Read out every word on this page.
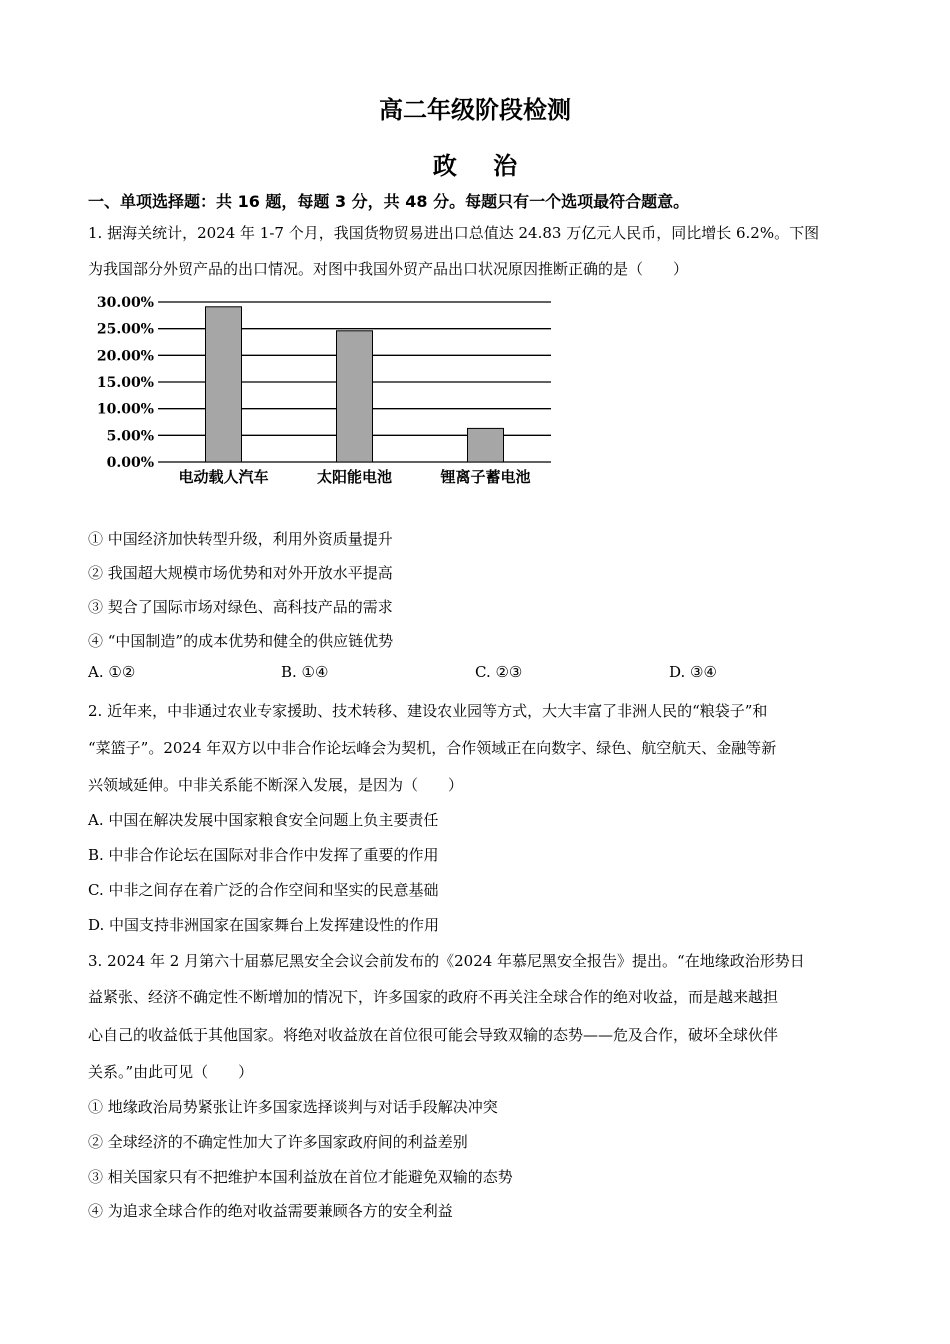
高二年级阶段检测
政 治
一、单项选择题：共 16 题，每题 3 分，共 48 分。每题只有一个选项最符合题意。
1. 据海关统计，2024 年 1-7 个月，我国货物贸易进出口总值达 24.83 万亿元人民币，同比增长 6.2%。下图
为我国部分外贸产品的出口情况。对图中我国外贸产品出口状况原因推断正确的是（　　）
0.00%
5.00%
10.00%
15.00%
20.00%
25.00%
30.00%
电动载人汽车	太阳能电池	锂离子蓄电池
① 中国经济加快转型升级，利用外资质量提升
② 我国超大规模市场优势和对外开放水平提高
③ 契合了国际市场对绿色、高科技产品的需求
④ “中国制造”的成本优势和健全的供应链优势
A. ①②	B. ①④	C. ②③	D. ③④
2. 近年来，中非通过农业专家援助、技术转移、建设农业园等方式，大大丰富了非洲人民的“粮袋子”和
“菜篮子”。2024 年双方以中非合作论坛峰会为契机，合作领域正在向数字、绿色、航空航天、金融等新
兴领域延伸。中非关系能不断深入发展，是因为（　　）
A. 中国在解决发展中国家粮食安全问题上负主要责任
B. 中非合作论坛在国际对非合作中发挥了重要的作用
C. 中非之间存在着广泛的合作空间和坚实的民意基础
D. 中国支持非洲国家在国家舞台上发挥建设性的作用
3. 2024 年 2 月第六十届慕尼黑安全会议会前发布的《2024 年慕尼黑安全报告》提出。“在地缘政治形势日
益紧张、经济不确定性不断增加的情况下，许多国家的政府不再关注全球合作的绝对收益，而是越来越担
心自己的收益低于其他国家。将绝对收益放在首位很可能会导致双输的态势——危及合作，破坏全球伙伴
关系。”由此可见（　　）
① 地缘政治局势紧张让许多国家选择谈判与对话手段解决冲突
② 全球经济的不确定性加大了许多国家政府间的利益差别
③ 相关国家只有不把维护本国利益放在首位才能避免双输的态势
④ 为追求全球合作的绝对收益需要兼顾各方的安全利益
